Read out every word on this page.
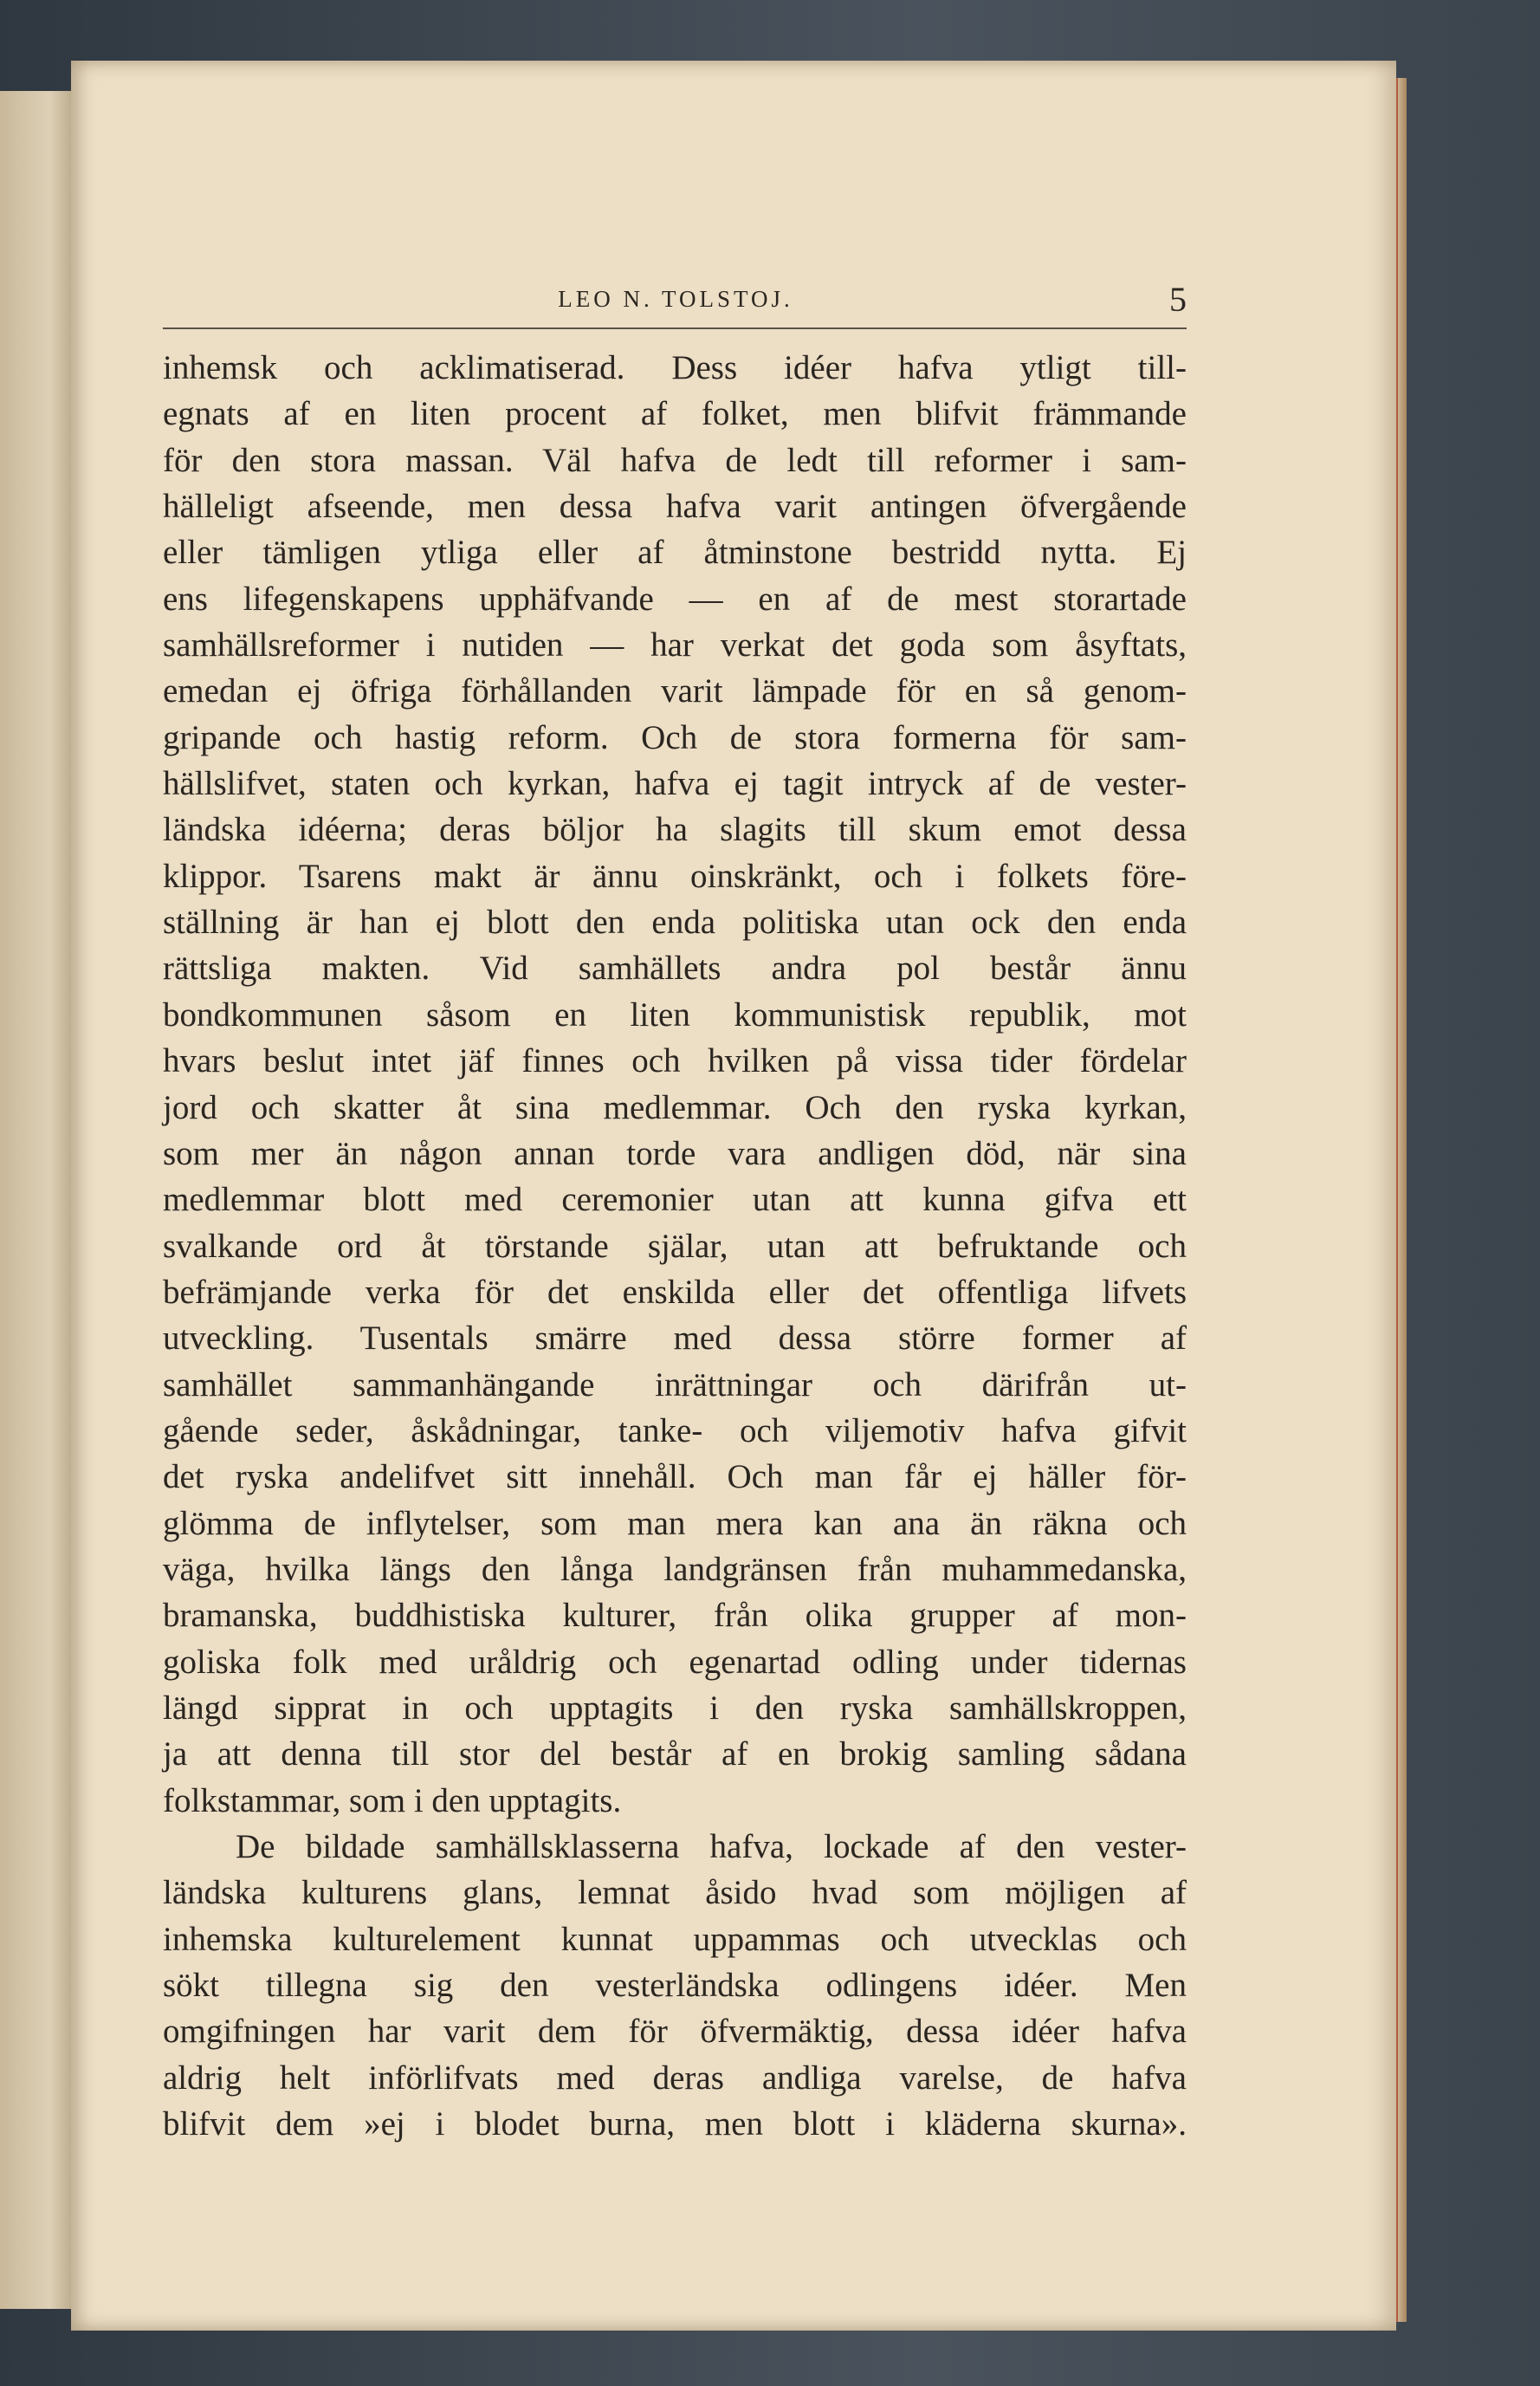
LEO N. TOLSTOJ.	5
inhemsk och acklimatiserad. Dess idéer hafva ytligt till-
egnats af en liten procent af folket, men blifvit främmande
för den stora massan. Väl hafva de ledt till reformer i sam-
hälleligt afseende, men dessa hafva varit antingen öfvergående
eller tämligen ytliga eller af åtminstone bestridd nytta. Ej
ens lifegenskapens upphäfvande — en af de mest storartade
samhällsreformer i nutiden — har verkat det goda som åsyftats,
emedan ej öfriga förhållanden varit lämpade för en så genom-
gripande och hastig reform. Och de stora formerna för sam-
hällslifvet, staten och kyrkan, hafva ej tagit intryck af de vester-
ländska idéerna; deras böljor ha slagits till skum emot dessa
klippor. Tsarens makt är ännu oinskränkt, och i folkets före-
ställning är han ej blott den enda politiska utan ock den enda
rättsliga makten. Vid samhällets andra pol består ännu
bondkommunen såsom en liten kommunistisk republik, mot
hvars beslut intet jäf finnes och hvilken på vissa tider fördelar
jord och skatter åt sina medlemmar. Och den ryska kyrkan,
som mer än någon annan torde vara andligen död, när sina
medlemmar blott med ceremonier utan att kunna gifva ett
svalkande ord åt törstande själar, utan att befruktande och
befrämjande verka för det enskilda eller det offentliga lifvets
utveckling. Tusentals smärre med dessa större former af
samhället sammanhängande inrättningar och därifrån ut-
gående seder, åskådningar, tanke- och viljemotiv hafva gifvit
det ryska andelifvet sitt innehåll. Och man får ej häller för-
glömma de inflytelser, som man mera kan ana än räkna och
väga, hvilka längs den långa landgränsen från muhammedanska,
bramanska, buddhistiska kulturer, från olika grupper af mon-
goliska folk med uråldrig och egenartad odling under tidernas
längd sipprat in och upptagits i den ryska samhällskroppen,
ja att denna till stor del består af en brokig samling sådana
folkstammar, som i den upptagits.
De bildade samhällsklasserna hafva, lockade af den vester-
ländska kulturens glans, lemnat åsido hvad som möjligen af
inhemska kulturelement kunnat uppammas och utvecklas och
sökt tillegna sig den vesterländska odlingens idéer. Men
omgifningen har varit dem för öfvermäktig, dessa idéer hafva
aldrig helt införlifvats med deras andliga varelse, de hafva
blifvit dem »ej i blodet burna, men blott i kläderna skurna».
